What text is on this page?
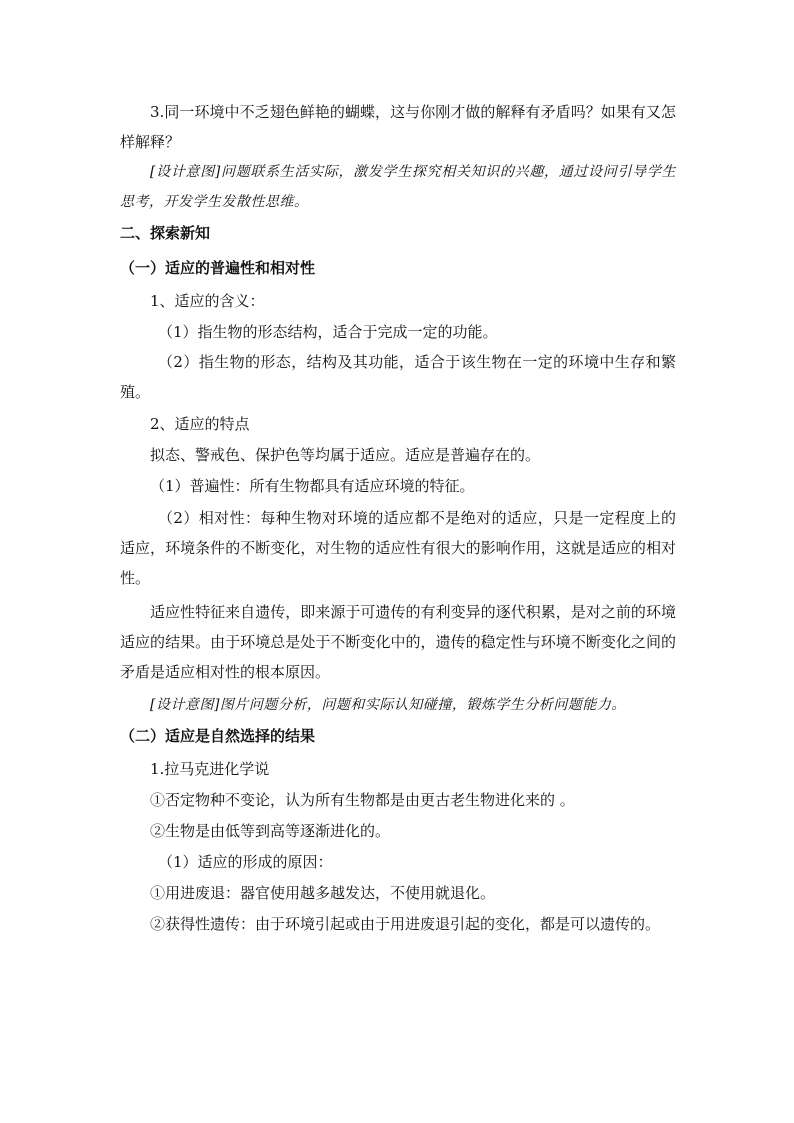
3.同一环境中不乏翅色鲜艳的蝴蝶，这与你刚才做的解释有矛盾吗？如果有又怎样解释？
[设计意图]问题联系生活实际，激发学生探究相关知识的兴趣，通过设问引导学生思考，开发学生发散性思维。
二、探索新知
（一）适应的普遍性和相对性
1、适应的含义：
（1）指生物的形态结构，适合于完成一定的功能。
（2）指生物的形态，结构及其功能，适合于该生物在一定的环境中生存和繁殖。
2、适应的特点
拟态、警戒色、保护色等均属于适应。适应是普遍存在的。
（1）普遍性：所有生物都具有适应环境的特征。
（2）相对性：每种生物对环境的适应都不是绝对的适应，只是一定程度上的适应，环境条件的不断变化，对生物的适应性有很大的影响作用，这就是适应的相对性。
适应性特征来自遗传，即来源于可遗传的有利变异的逐代积累，是对之前的环境适应的结果。由于环境总是处于不断变化中的，遗传的稳定性与环境不断变化之间的矛盾是适应相对性的根本原因。
[设计意图]图片问题分析，问题和实际认知碰撞，锻炼学生分析问题能力。
（二）适应是自然选择的结果
1.拉马克进化学说
①否定物种不变论，认为所有生物都是由更古老生物进化来的 。
②生物是由低等到高等逐渐进化的。
（1）适应的形成的原因：
①用进废退：器官使用越多越发达，不使用就退化。
②获得性遗传：由于环境引起或由于用进废退引起的变化，都是可以遗传的。
